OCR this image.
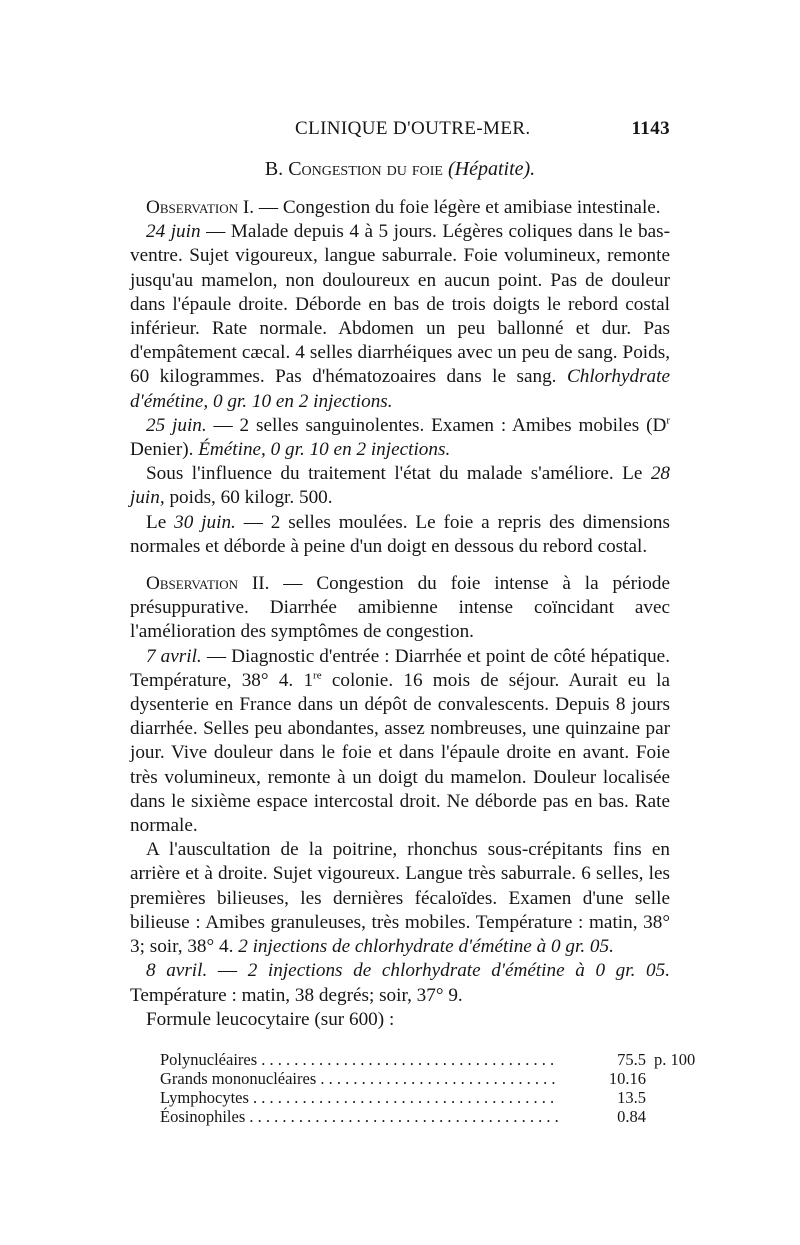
CLINIQUE D'OUTRE-MER.	1143
B. Congestion du foie (Hépatite).

Observation I. — Congestion du foie légère et amibiase intestinale.

24 juin — Malade depuis 4 à 5 jours. Légères coliques dans le bas-ventre. Sujet vigoureux, langue saburrale. Foie volumineux, remonte jusqu'au mamelon, non douloureux en aucun point. Pas de douleur dans l'épaule droite. Déborde en bas de trois doigts le rebord costal inférieur. Rate normale. Abdomen un peu ballonné et dur. Pas d'empâtement cæcal. 4 selles diarrhéiques avec un peu de sang. Poids, 60 kilogrammes. Pas d'hématozoaires dans le sang. Chlorhydrate d'émétine, 0 gr. 10 en 2 injections.

25 juin. — 2 selles sanguinolentes. Examen : Amibes mobiles ($D^r$ Denier). Émétine, 0 gr. 10 en 2 injections.

Sous l'influence du traitement l'état du malade s'améliore. Le 28 juin, poids, 60 kilogr. 500.

Le 30 juin. — 2 selles moulées. Le foie a repris des dimensions normales et déborde à peine d'un doigt en dessous du rebord costal.

Observation II. — Congestion du foie intense à la période présuppurative. Diarrhée amibienne intense coïncidant avec l'amélioration des symptômes de congestion.

7 avril. — Diagnostic d'entrée : Diarrhée et point de côté hépatique. Température, 38° 4. 1re colonie. 16 mois de séjour. Aurait eu la dysenterie en France dans un dépôt de convalescents. Depuis 8 jours diarrhée. Selles peu abondantes, assez nombreuses, une quinzaine par jour. Vive douleur dans le foie et dans l'épaule droite en avant. Foie très volumineux, remonte à un doigt du mamelon. Douleur localisée dans le sixième espace intercostal droit. Ne déborde pas en bas. Rate normale.

A l'auscultation de la poitrine, rhonchus sous-crépitants fins en arrière et à droite. Sujet vigoureux. Langue très saburrale. 6 selles, les premières bilieuses, les dernières fécaloïdes. Examen d'une selle bilieuse : Amibes granuleuses, très mobiles. Température : matin, 38° 3; soir, 38° 4. 2 injections de chlorhydrate d'émétine à 0 gr. 05.

8 avril. — 2 injections de chlorhydrate d'émétine à 0 gr. 05. Température : matin, 38 degrés; soir, 37° 9.

Formule leucocytaire (sur 600) :

Polynucléaires . . .	75.5 p. 100
Grands mononucléaires . . .	10.16
Lymphocytes . . .	13.5
Éosinophiles . . .	0.84
